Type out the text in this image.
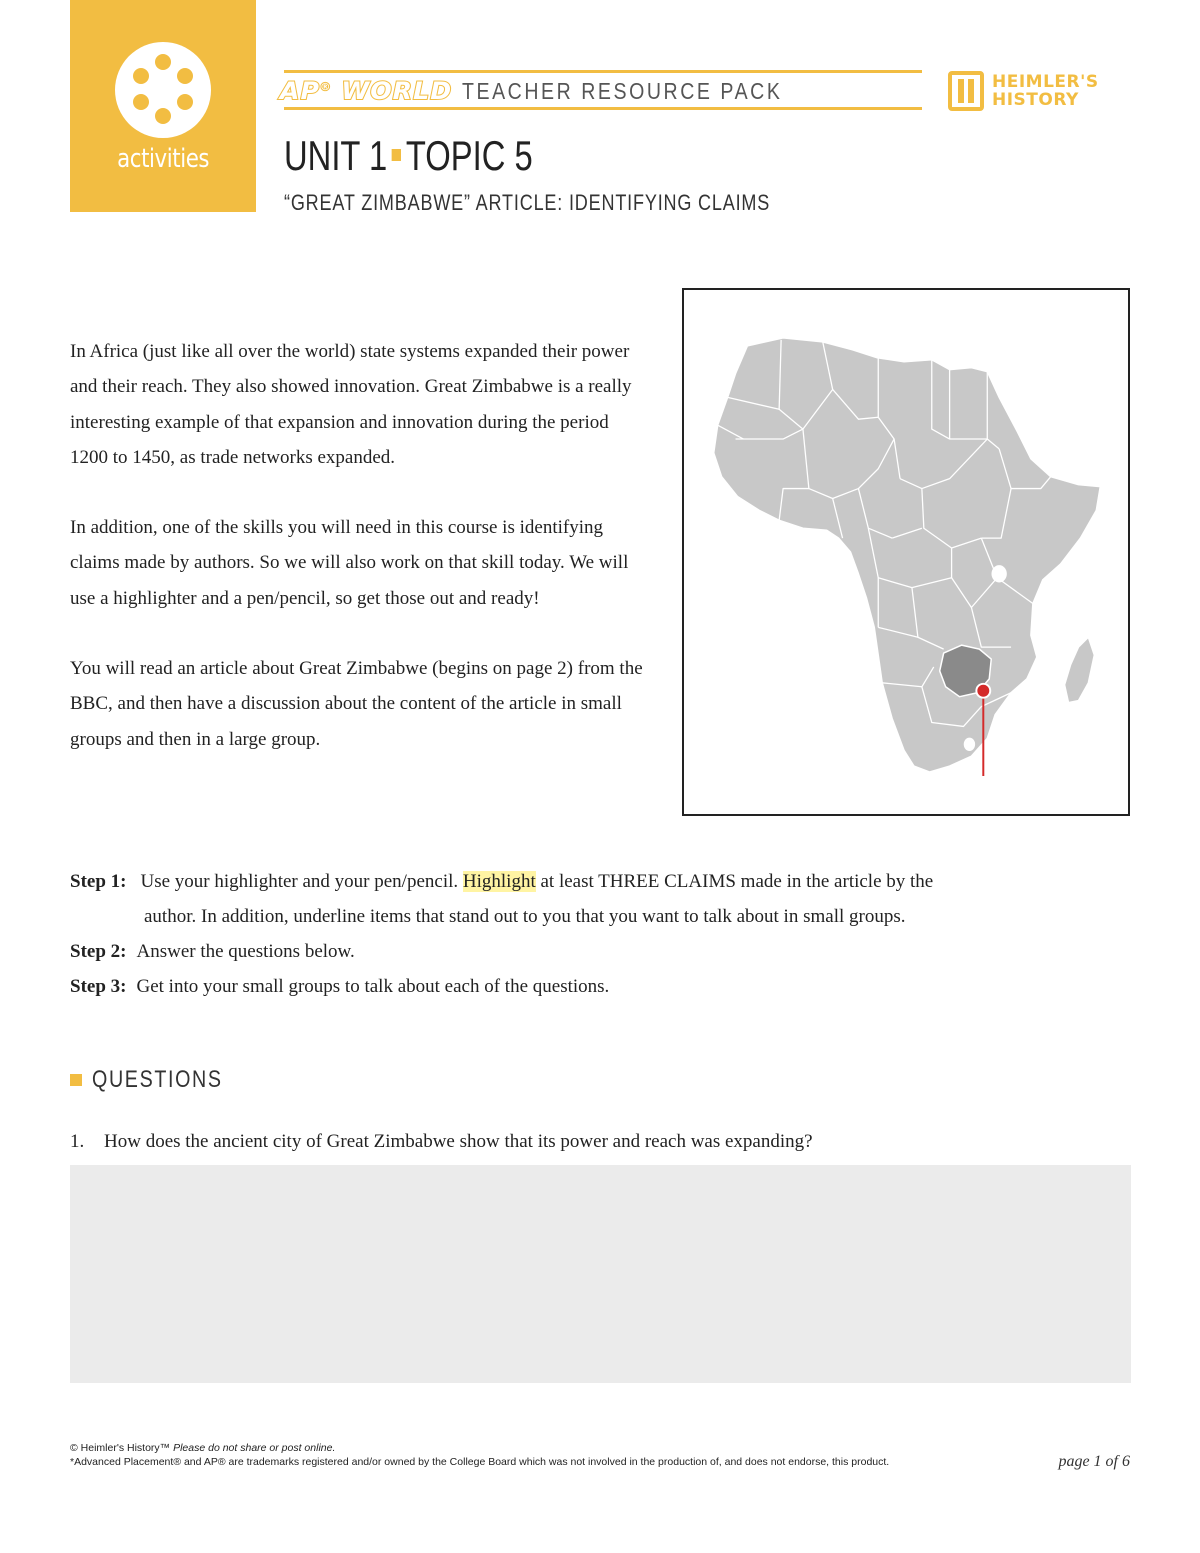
activities
AP® WORLD TEACHER RESOURCE PACK	HEIMLER'S
HISTORY
UNIT 1 TOPIC 5
“GREAT ZIMBABWE” ARTICLE: IDENTIFYING CLAIMS

In Africa (just like all over the world) state systems expanded their power and their reach. They also showed innovation. Great Zimbabwe is a really interesting example of that expansion and innovation during the period 1200 to 1450, as trade networks expanded.

In addition, one of the skills you will need in this course is identifying claims made by authors. So we will also work on that skill today. We will use a highlighter and a pen/pencil, so get those out and ready!

You will read an article about Great Zimbabwe (begins on page 2) from the BBC, and then have a discussion about the content of the article in small groups and then in a large group.

Step 1: Use your highlighter and your pen/pencil. Highlight at least THREE CLAIMS made in the article by the
author. In addition, underline items that stand out to you that you want to talk about in small groups.
Step 2: Answer the questions below.
Step 3: Get into your small groups to talk about each of the questions.
QUESTIONS
1.	How does the ancient city of Great Zimbabwe show that its power and reach was expanding?
© Heimler's History™ Please do not share or post online.
*Advanced Placement® and AP® are trademarks registered and/or owned by the College Board which was not involved in the production of, and does not endorse, this product.	page 1 of 6
